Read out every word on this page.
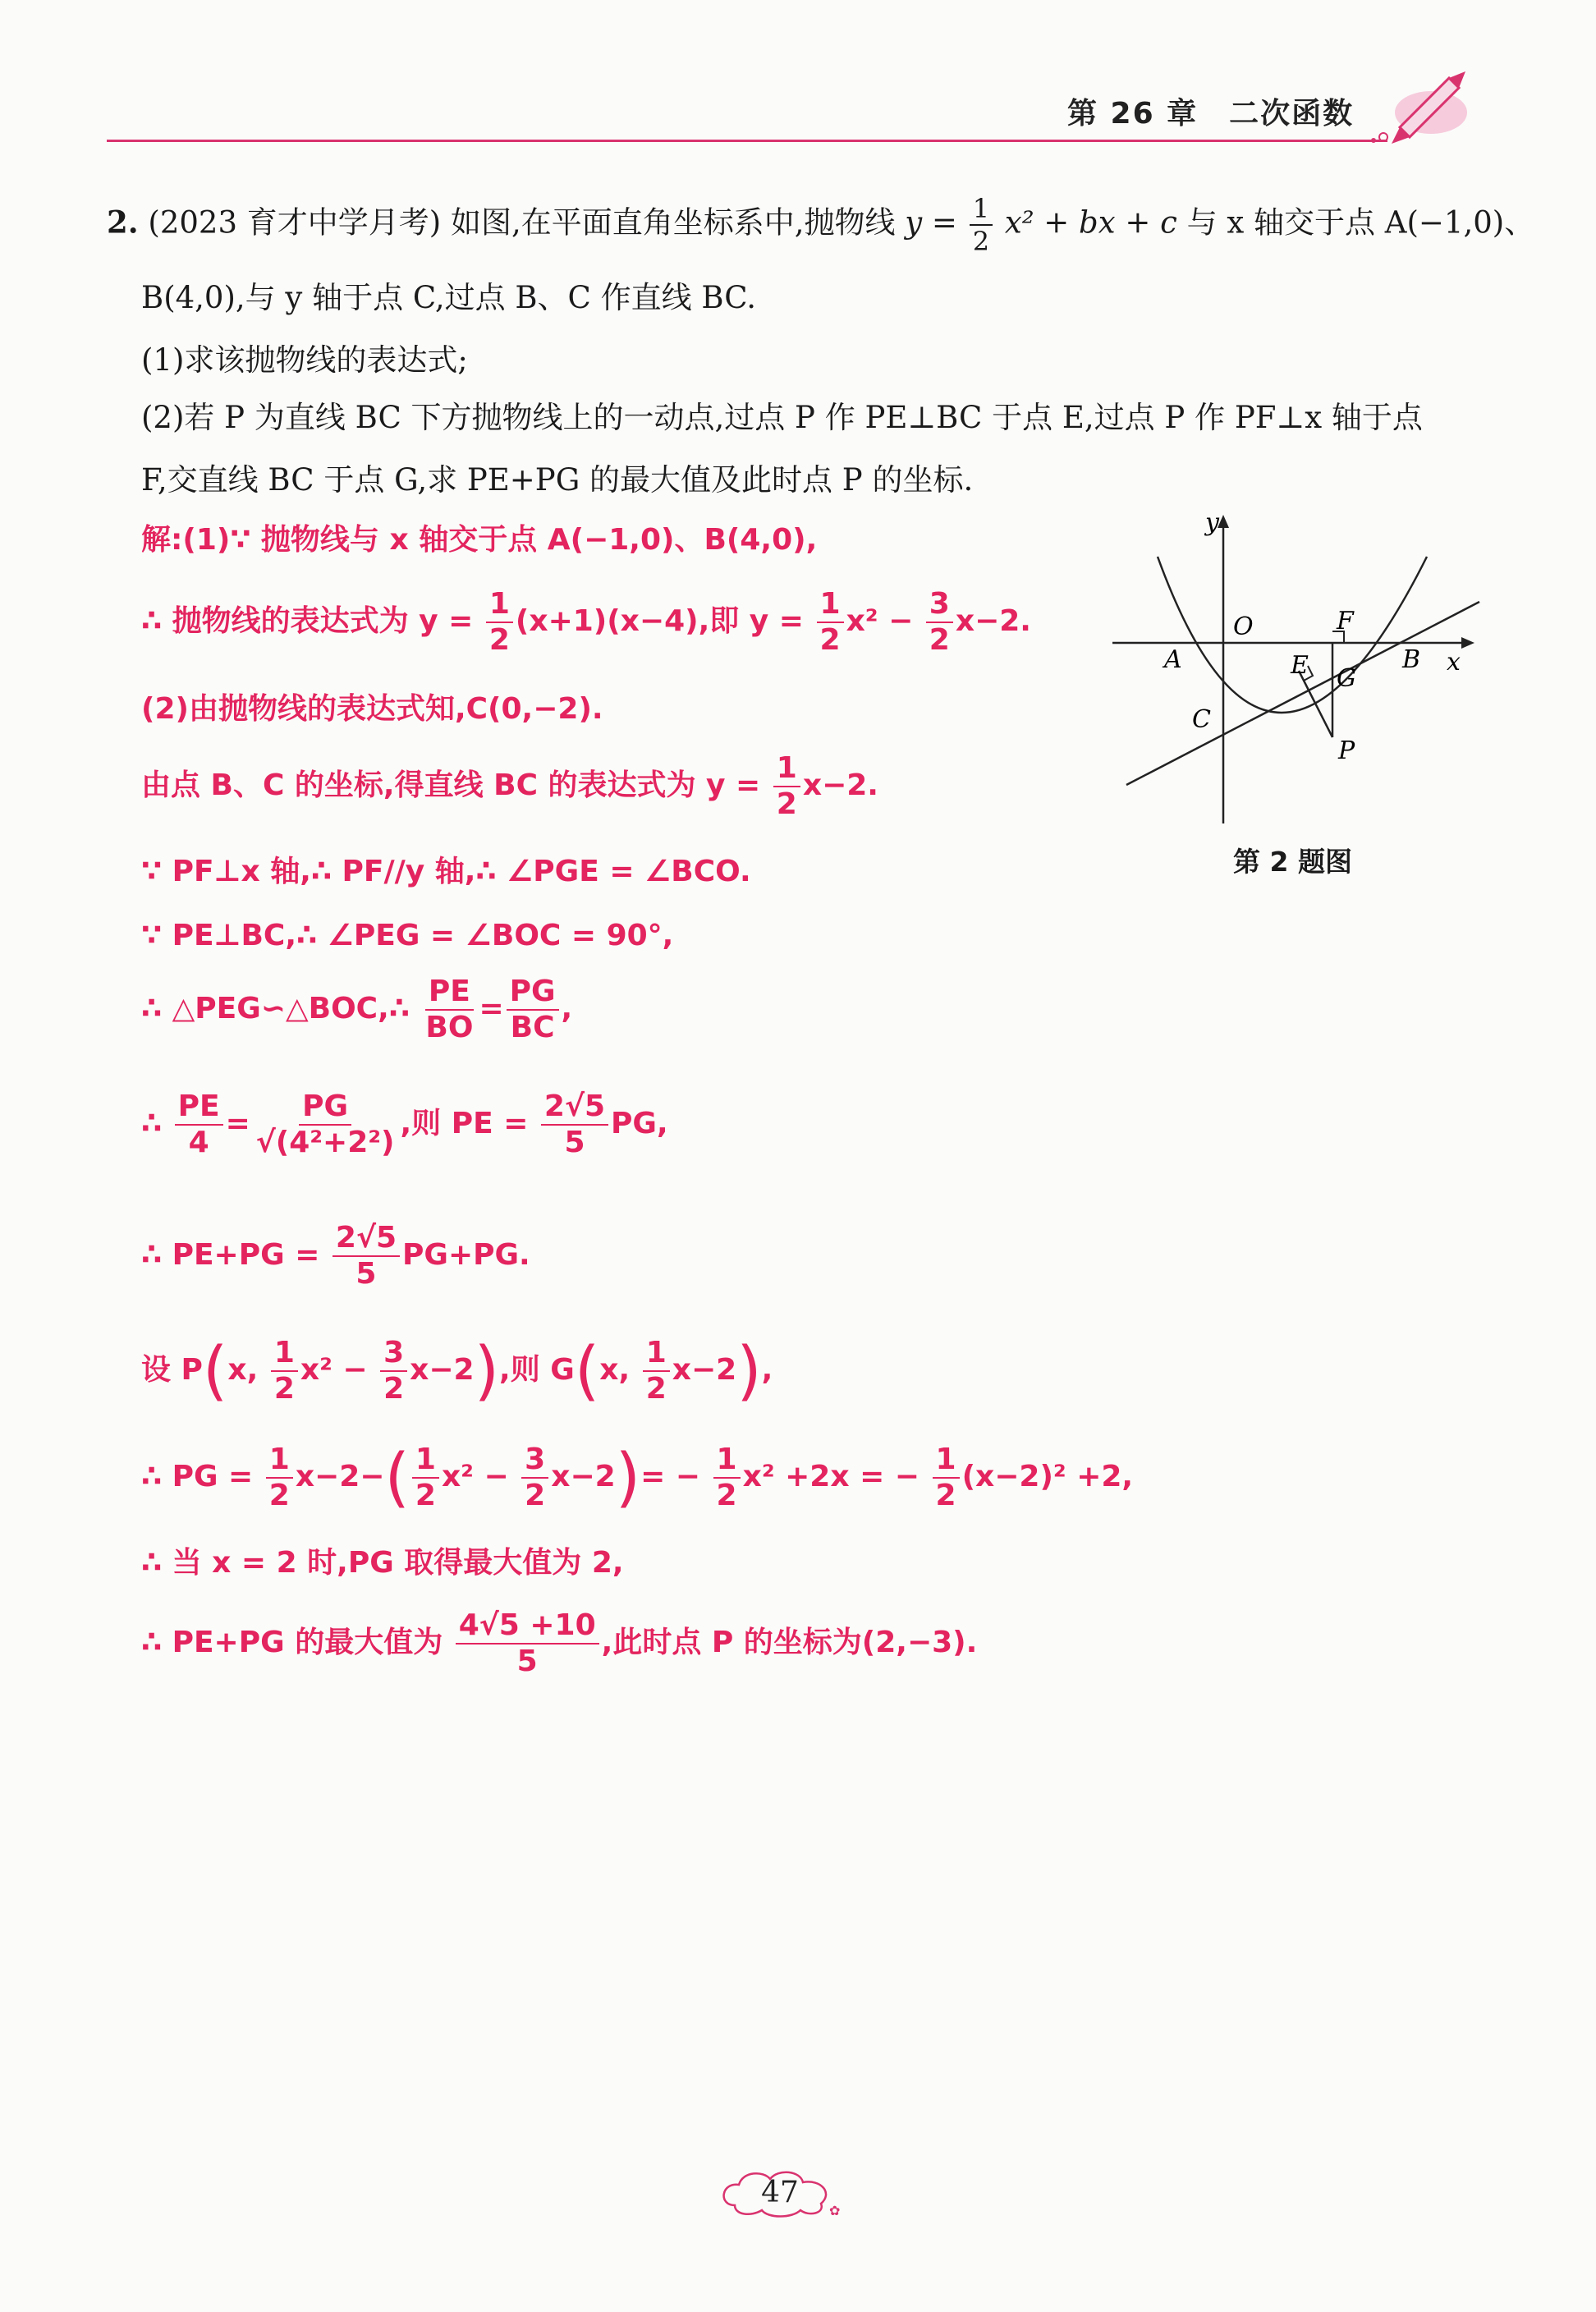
第 26 章　二次函数
2. (2023 育才中学月考) 如图,在平面直角坐标系中,抛物线 $y = \frac{1}{2} x^2$ + bx + c 与 x 轴交于点 A(−1,0)、
B(4,0),与 y 轴于点 C,过点 B、C 作直线 BC.
(1)求该抛物线的表达式;
(2)若 P 为直线 BC 下方抛物线上的一动点,过点 P 作 PE⊥BC 于点 E,过点 P 作 PF⊥x 轴于点
F,交直线 BC 于点 G,求 PE+PG 的最大值及此时点 P 的坐标.
解:(1)∵ 抛物线与 x 轴交于点 A(−1,0)、B(4,0),
∴ 抛物线的表达式为 $y = \frac{1}{2} (x+1)(x-4)$,即 $y = \frac{1}{2} x^2 - \frac{3}{2} x-2$.
(2)由抛物线的表达式知,C(0,−2).
由点 B、C 的坐标,得直线 BC 的表达式为 $y = \frac{1}{2} x-2$.
∵ PF⊥x 轴,∴ PF//y 轴,∴ ∠PGE = ∠BCO.
∵ PE⊥BC,∴ ∠PEG = ∠BOC = 90°,
∴ △PEG∽△BOC,∴ $\frac{PE}{BO} = \frac{PG}{BC}$ ,
∴ $\frac{PE}{4} = \frac{PG}{\text{√(4²+2²)}}$ ,则 PE = $\frac{2√5}{5}$ PG,
∴ $PE+PG = \frac{2√5}{5} PG+PG$.
设 P(x, $\frac{1}{2} x^2 - \frac{3}{2} x-2$),则 G(x, $\frac{1}{2} x-2$),
∴ PG = $\frac{1}{2} x-2-( \frac{1}{2} x^2 - \frac{3}{2} x-2)= - \frac{1}{2} x^2 +2x$ = − $\frac{1}{2} (x-2)^2 +2$,
∴ 当 x = 2 时,PG 取得最大值为 2,
∴ PE+PG 的最大值为 $\frac{4√5 +10}{5}$ ,此时点 P 的坐标为(2,−3).
y
x
O
A	B
C
E
F
G
P
第 2 题图
✿
47
